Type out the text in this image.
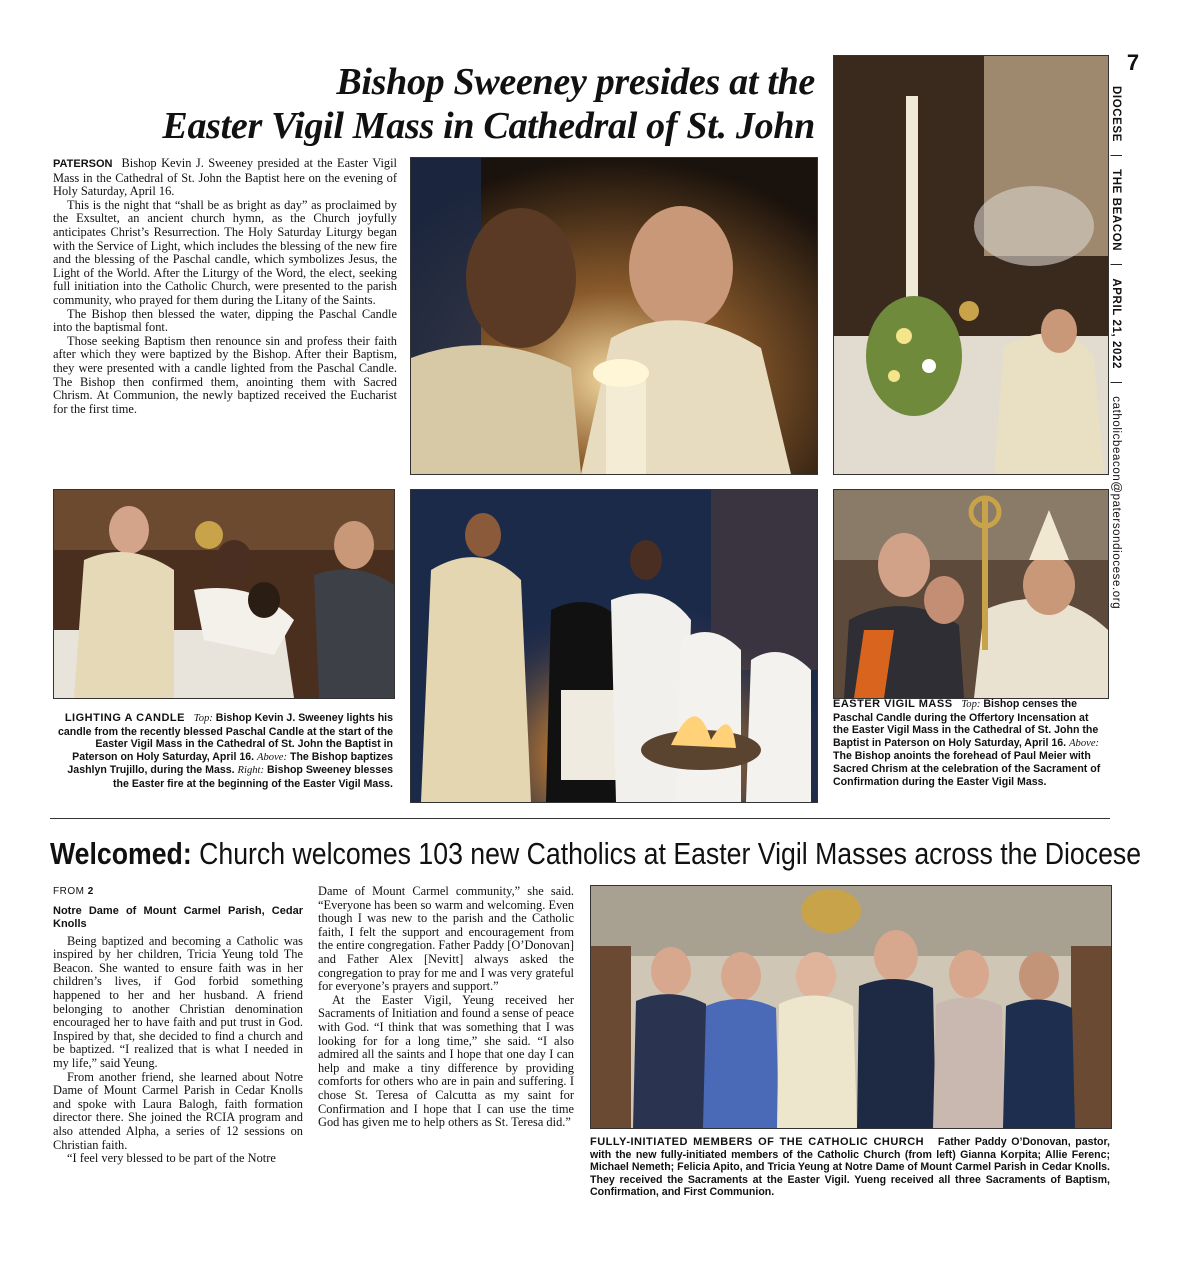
7
DIOCESE | THE BEACON | APRIL 21, 2022 | catholicbeacon@patersondiocese.org
Bishop Sweeney presides at the
Easter Vigil Mass in Cathedral of St. John

PATERSON Bishop Kevin J. Sweeney presided at the Easter Vigil Mass in the Cathedral of St. John the Baptist here on the evening of Holy Saturday, April 16.

This is the night that “shall be as bright as day” as proclaimed by the Exsultet, an ancient church hymn, as the Church joyfully anticipates Christ’s Resurrection. The Holy Saturday Liturgy began with the Service of Light, which includes the blessing of the new fire and the blessing of the Paschal candle, which symbolizes Jesus, the Light of the World. After the Liturgy of the Word, the elect, seeking full initiation into the Catholic Church, were presented to the parish community, who prayed for them during the Litany of the Saints.

The Bishop then blessed the water, dipping the Paschal Candle into the baptismal font.

Those seeking Baptism then renounce sin and profess their faith after which they were baptized by the Bishop. After their Baptism, they were presented with a candle lighted from the Paschal Candle. The Bishop then confirmed them, anointing them with Sacred Chrism. At Communion, the newly baptized received the Eucharist for the first time.

LIGHTING A CANDLE Top: Bishop Kevin J. Sweeney lights his candle from the recently blessed Paschal Candle at the start of the Easter Vigil Mass in the Cathedral of St. John the Baptist in Paterson on Holy Saturday, April 16. Above: The Bishop baptizes Jashlyn Trujillo, during the Mass. Right: Bishop Sweeney blesses the Easter fire at the beginning of the Easter Vigil Mass.
EASTER VIGIL MASS Top: Bishop censes the Paschal Candle during the Offertory Incensation at the Easter Vigil Mass in the Cathedral of St. John the Baptist in Paterson on Holy Saturday, April 16. Above: The Bishop anoints the forehead of Paul Meier with Sacred Chrism at the celebration of the Sacrament of Confirmation during the Easter Vigil Mass.
Welcomed: Church welcomes 103 new Catholics at Easter Vigil Masses across the Diocese
FROM 2
Notre Dame of Mount Carmel Parish, Cedar Knolls

Being baptized and becoming a Catholic was inspired by her children, Tricia Yeung told The Beacon. She wanted to ensure faith was in her children’s lives, if God forbid something happened to her and her husband. A friend belonging to another Christian denomination encouraged her to have faith and put trust in God. Inspired by that, she decided to find a church and be baptized. “I realized that is what I needed in my life,” said Yeung.

From another friend, she learned about Notre Dame of Mount Carmel Parish in Cedar Knolls and spoke with Laura Balogh, faith formation director there. She joined the RCIA program and also attended Alpha, a series of 12 sessions on Christian faith.

“I feel very blessed to be part of the Notre

Dame of Mount Carmel community,” she said. “Everyone has been so warm and welcoming. Even though I was new to the parish and the Catholic faith, I felt the support and encouragement from the entire congregation. Father Paddy [O’Donovan] and Father Alex [Nevitt] always asked the congregation to pray for me and I was very grateful for everyone’s prayers and support.”

At the Easter Vigil, Yeung received her Sacraments of Initiation and found a sense of peace with God. “I think that was something that I was looking for for a long time,” she said. “I also admired all the saints and I hope that one day I can help and make a tiny difference by providing comforts for others who are in pain and suffering. I chose St. Teresa of Calcutta as my saint for Confirmation and I hope that I can use the time God has given me to help others as St. Teresa did.”

FULLY-INITIATED MEMBERS OF THE CATHOLIC CHURCH Father Paddy O’Donovan, pastor, with the new fully-initiated members of the Catholic Church (from left) Gianna Korpita; Allie Ferenc; Michael Nemeth; Felicia Apito, and Tricia Yeung at Notre Dame of Mount Carmel Parish in Cedar Knolls. They received the Sacraments at the Easter Vigil. Yueng received all three Sacraments of Baptism, Confirmation, and First Communion.
